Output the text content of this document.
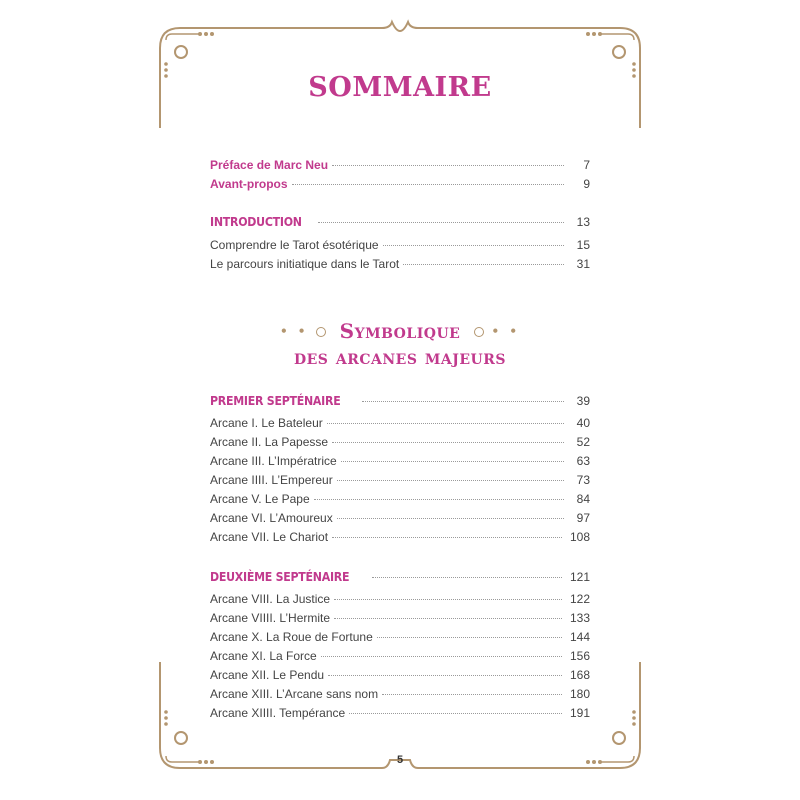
SOMMAIRE
• •	Symbolique	• •
des arcanes majeurs
Préface de Marc Neu	7
Avant-propos	9
INTRODUCTION	13
Comprendre le Tarot ésotérique	15
Le parcours initiatique dans le Tarot	31
PREMIER SEPTÉNAIRE	39
Arcane I. Le Bateleur	40
Arcane II. La Papesse	52
Arcane III. L’Impératrice	63
Arcane IIII. L’Empereur	73
Arcane V. Le Pape	84
Arcane VI. L’Amoureux	97
Arcane VII. Le Chariot	108
DEUXIÈME SEPTÉNAIRE	121
Arcane VIII. La Justice	122
Arcane VIIII. L’Hermite	133
Arcane X. La Roue de Fortune	144
Arcane XI. La Force	156
Arcane XII. Le Pendu	168
Arcane XIII. L’Arcane sans nom	180
Arcane XIIII. Tempérance	191
5
